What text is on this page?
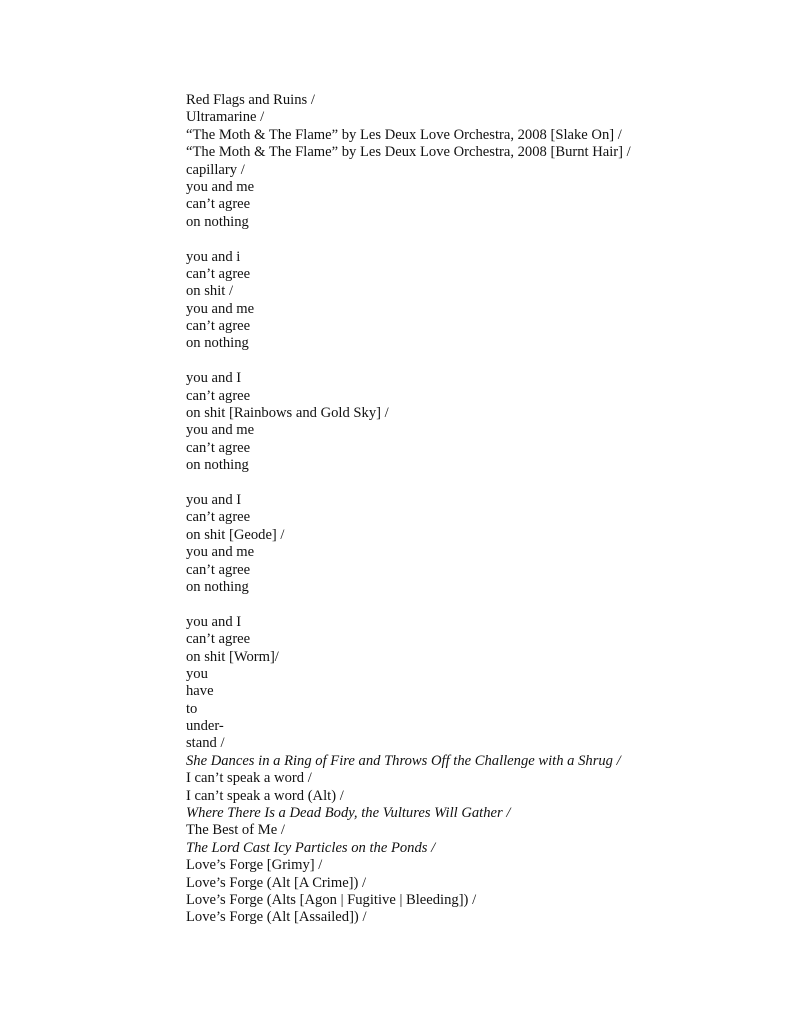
Red Flags and Ruins /
Ultramarine /
“The Moth & The Flame” by Les Deux Love Orchestra, 2008 [Slake On] /
“The Moth & The Flame” by Les Deux Love Orchestra, 2008 [Burnt Hair] /
capillary /
you and me
can’t agree
on nothing
you and i
can’t agree
on shit /
you and me
can’t agree
on nothing
you and I
can’t agree
on shit [Rainbows and Gold Sky] /
you and me
can’t agree
on nothing
you and I
can’t agree
on shit [Geode] /
you and me
can’t agree
on nothing
you and I
can’t agree
on shit [Worm]/
you
have
to
under-
stand /
She Dances in a Ring of Fire and Throws Off the Challenge with a Shrug /
I can’t speak a word /
I can’t speak a word (Alt) /
Where There Is a Dead Body, the Vultures Will Gather /
The Best of Me /
The Lord Cast Icy Particles on the Ponds /
Love’s Forge [Grimy] /
Love’s Forge (Alt [A Crime]) /
Love’s Forge (Alts [Agon | Fugitive | Bleeding]) /
Love’s Forge (Alt [Assailed]) /
